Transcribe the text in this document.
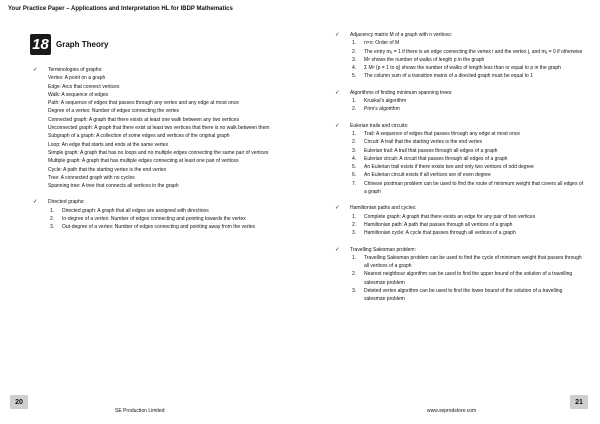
Your Practice Paper – Applications and Interpretation HL for IBDP Mathematics
18 Graph Theory
✓ Terminologies of graphs:
Vertex: A point on a graph
Edge: Arcs that connect vertices
Walk: A sequence of edges
Path: A sequence of edges that passes through any vertex and any edge at most once
Degree of a vertex: Number of edges connecting the vertex
Connected graph: A graph that there exists at least one walk between any two vertices
Unconnected graph: A graph that there exist at least two vertices that there is no walk between them
Subgraph of a graph: A collection of some edges and vertices of the original graph
Loop: An edge that starts and ends at the same vertex
Simple graph: A graph that has no loops and no multiple edges connecting the same pair of vertices
Multiple graph: A graph that has multiple edges connecting at least one pair of vertices
Cycle: A path that the starting vertex is the end vertex
Tree: A connected graph with no cycles
Spanning tree: A tree that connects all vertices in the graph
✓ Directed graphs:
1. Directed graph: A graph that all edges are assigned with directions
2. In-degree of a vertex: Number of edges connecting and pointing towards the vertex
3. Out-degree of a vertex: Number of edges connecting and pointing away from the vertex
✓ Adjacency matrix M of a graph with n vertices:
1. n×n: Order of M
2. The entry mᵢⱼ = 1 if there is an edge connecting the vertex i and the vertex j, and mᵢⱼ = 0 if otherwise
3. Mᵖ shows the number of walks of length p in the graph
4. Σ Mᵖ (p = 1 to q) shows the number of walks of length less than or equal to p in the graph
5. The column sum of a transition matrix of a directed graph must be equal to 1
✓ Algorithms of finding minimum spanning trees:
1. Kruskal’s algorithm
2. Prim’s algorithm
✓ Eulerian trails and circuits:
1. Trail: A sequence of edges that passes through any edge at most once
2. Circuit: A trail that the starting vertex is the end vertex
3. Eulerian trail: A trail that passes through all edges of a graph
4. Eulerian circuit: A circuit that passes through all edges of a graph
5. An Eulerian trail exists if there exists two and only two vertices of odd degree
6. An Eulerian circuit exists if all vertices are of even degree
7. Chinese postman problem can be used to find the route of minimum weight that covers all edges of a graph
✓ Hamiltonian paths and cycles:
1. Complete graph: A graph that there exists an edge for any pair of two vertices
2. Hamiltonian path: A path that passes through all vertices of a graph
3. Hamiltonian cycle: A cycle that passes through all vertices of a graph
✓ Travelling Salesman problem:
1. Travelling Salesman problem can be used to find the cycle of minimum weight that passes through all vertices of a graph
2. Nearest neighbour algorithm can be used to find the upper bound of the solution of a travelling salesman problem
3. Deleted vertex algorithm can be used to find the lower bound of the solution of a travelling salesman problem
20	21
SE Production Limited	www.seprodstore.com
